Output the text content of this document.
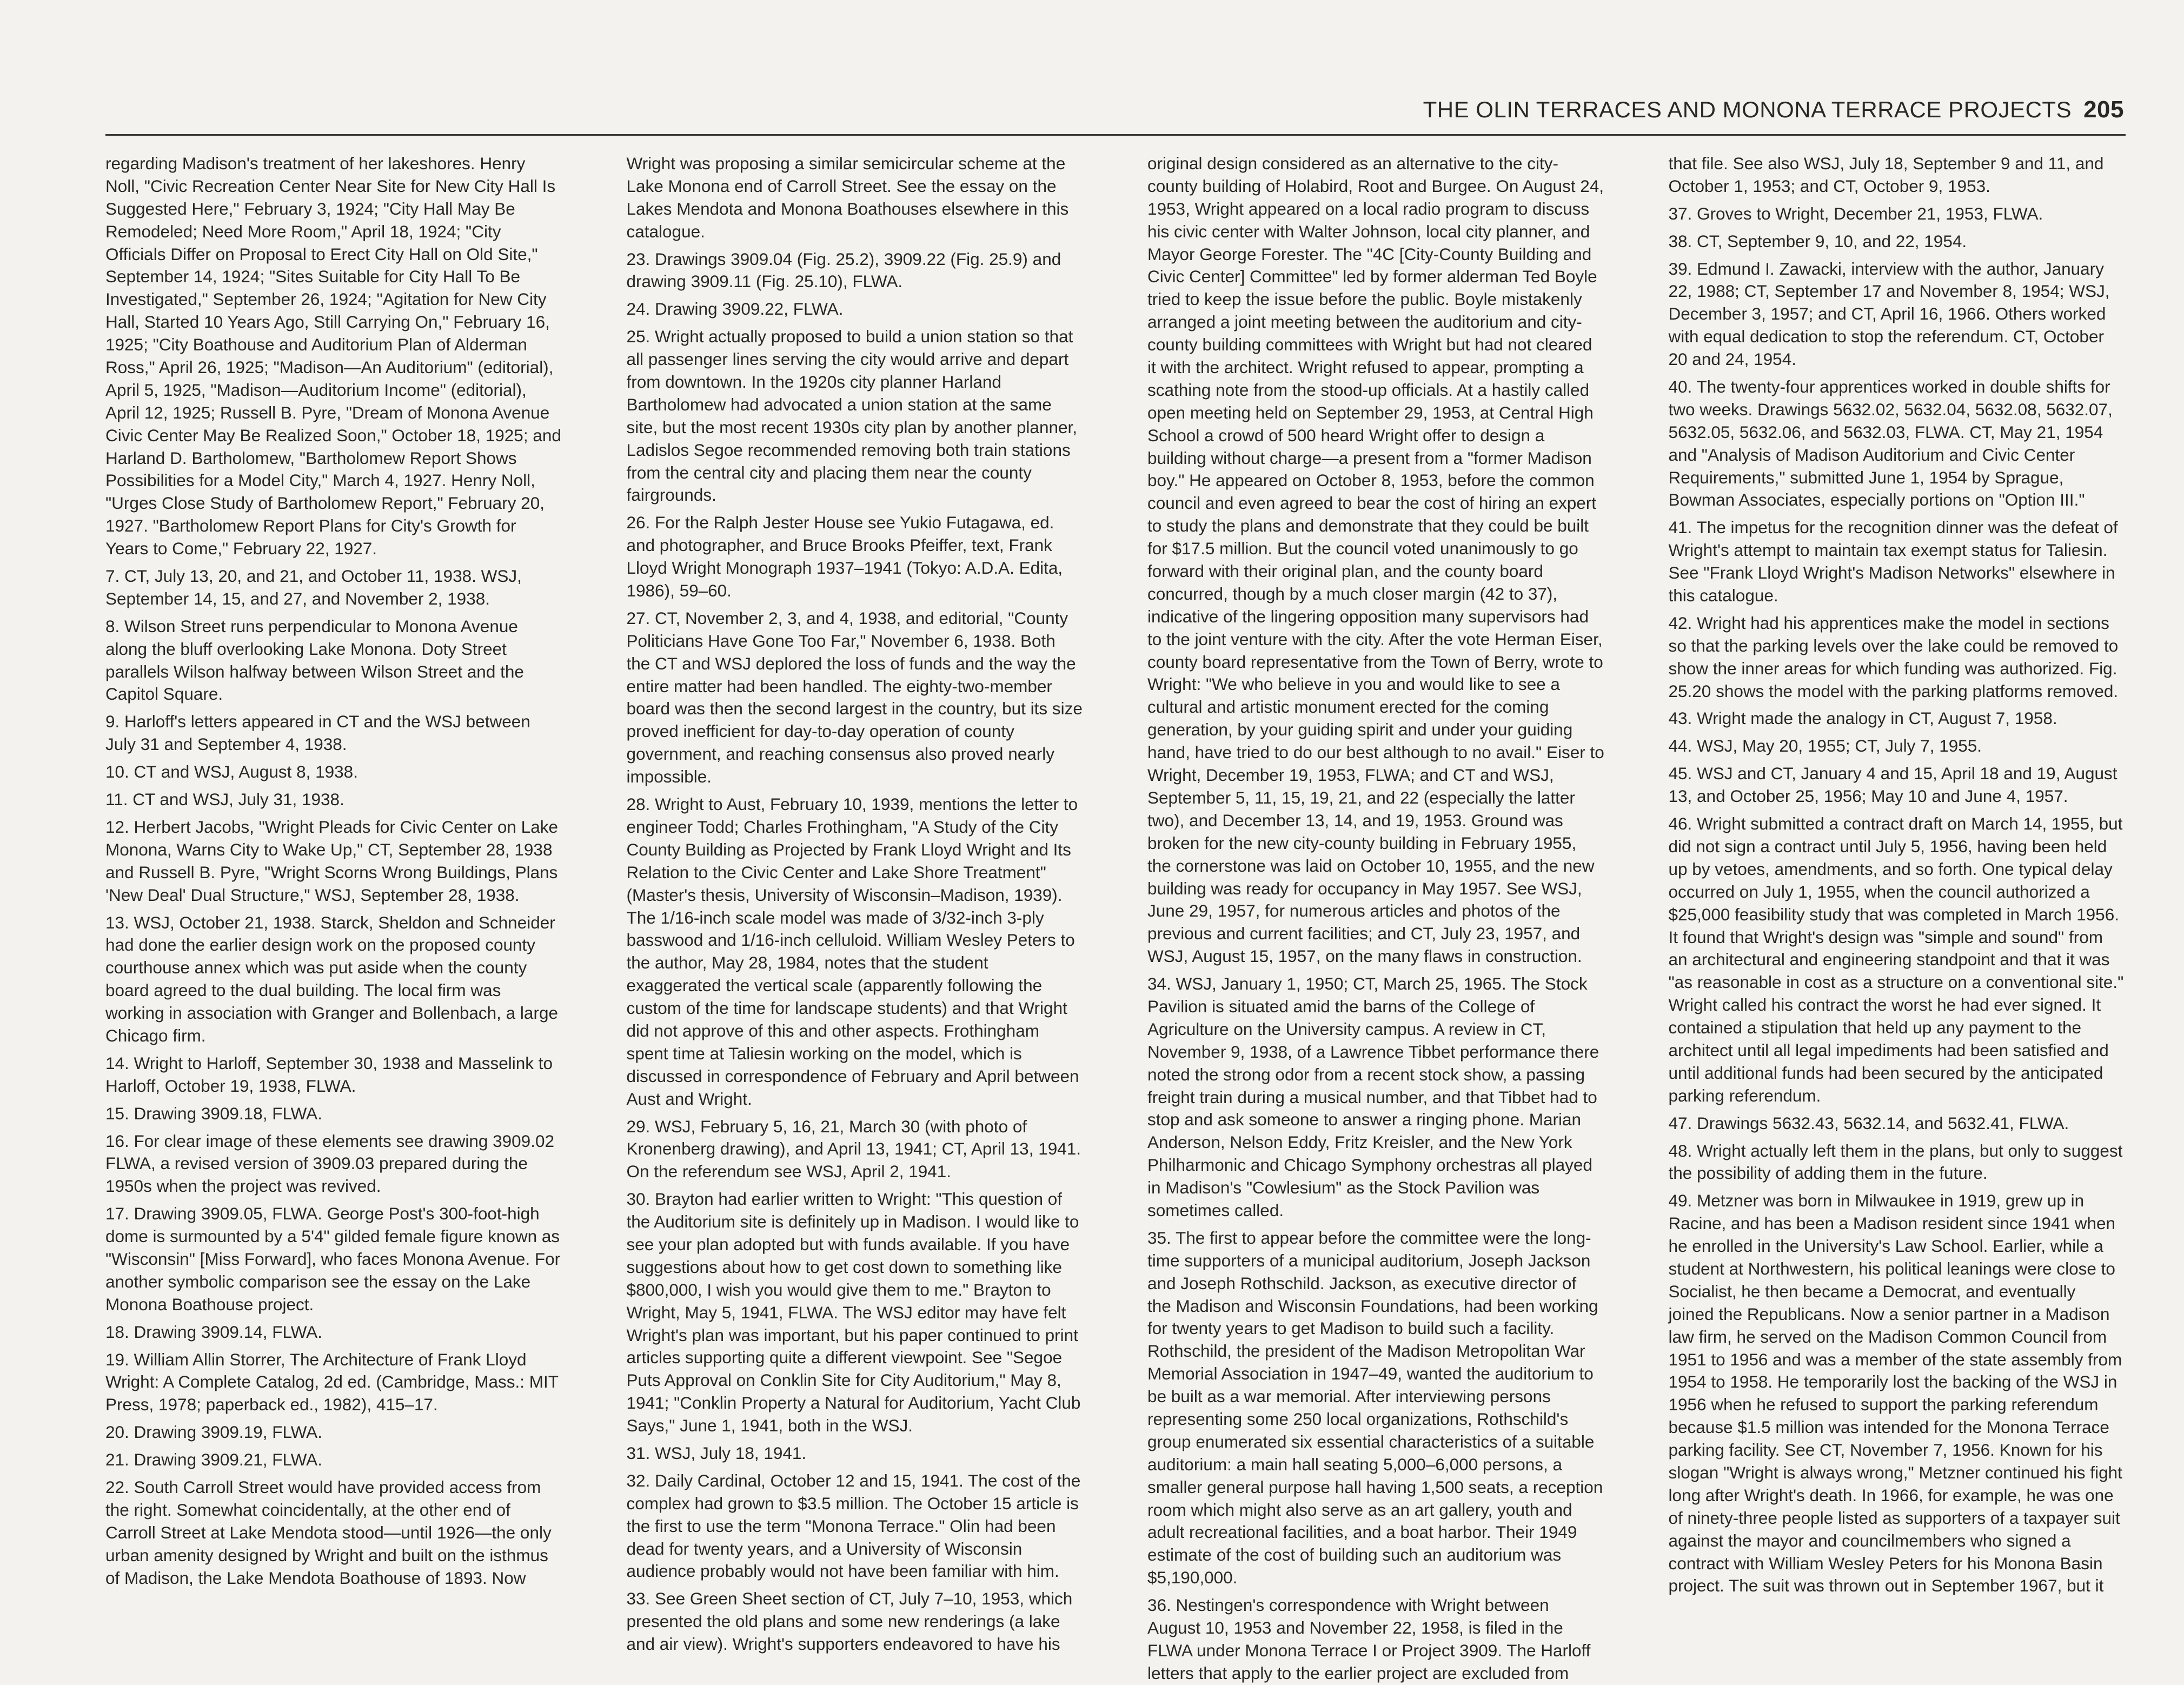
THE OLIN TERRACES AND MONONA TERRACE PROJECTS 205

regarding Madison's treatment of her lakeshores. Henry Noll, "Civic Recreation Center Near Site for New City Hall Is Suggested Here," February 3, 1924; "City Hall May Be Remodeled; Need More Room," April 18, 1924; "City Officials Differ on Proposal to Erect City Hall on Old Site," September 14, 1924; "Sites Suitable for City Hall To Be Investigated," September 26, 1924; "Agitation for New City Hall, Started 10 Years Ago, Still Carrying On," February 16, 1925; "City Boathouse and Auditorium Plan of Alderman Ross," April 26, 1925; "Madison—An Auditorium" (editorial), April 5, 1925, "Madison—Auditorium Income" (editorial), April 12, 1925; Russell B. Pyre, "Dream of Monona Avenue Civic Center May Be Realized Soon," October 18, 1925; and Harland D. Bartholomew, "Bartholomew Report Shows Possibilities for a Model City," March 4, 1927. Henry Noll, "Urges Close Study of Bartholomew Report," February 20, 1927. "Bartholomew Report Plans for City's Growth for Years to Come," February 22, 1927.

7. CT, July 13, 20, and 21, and October 11, 1938. WSJ, September 14, 15, and 27, and November 2, 1938.

8. Wilson Street runs perpendicular to Monona Avenue along the bluff overlooking Lake Monona. Doty Street parallels Wilson halfway between Wilson Street and the Capitol Square.

9. Harloff's letters appeared in CT and the WSJ between July 31 and September 4, 1938.

10. CT and WSJ, August 8, 1938.

11. CT and WSJ, July 31, 1938.

12. Herbert Jacobs, "Wright Pleads for Civic Center on Lake Monona, Warns City to Wake Up," CT, September 28, 1938 and Russell B. Pyre, "Wright Scorns Wrong Buildings, Plans 'New Deal' Dual Structure," WSJ, September 28, 1938.

13. WSJ, October 21, 1938. Starck, Sheldon and Schneider had done the earlier design work on the proposed county courthouse annex which was put aside when the county board agreed to the dual building. The local firm was working in association with Granger and Bollenbach, a large Chicago firm.

14. Wright to Harloff, September 30, 1938 and Masselink to Harloff, October 19, 1938, FLWA.

15. Drawing 3909.18, FLWA.

16. For clear image of these elements see drawing 3909.02 FLWA, a revised version of 3909.03 prepared during the 1950s when the project was revived.

17. Drawing 3909.05, FLWA. George Post's 300-foot-high dome is surmounted by a 5'4" gilded female figure known as "Wisconsin" [Miss Forward], who faces Monona Avenue. For another symbolic comparison see the essay on the Lake Monona Boathouse project.

18. Drawing 3909.14, FLWA.

19. William Allin Storrer, The Architecture of Frank Lloyd Wright: A Complete Catalog, 2d ed. (Cambridge, Mass.: MIT Press, 1978; paperback ed., 1982), 415–17.

20. Drawing 3909.19, FLWA.

21. Drawing 3909.21, FLWA.

22. South Carroll Street would have provided access from the right. Somewhat coincidentally, at the other end of Carroll Street at Lake Mendota stood—until 1926—the only urban amenity designed by Wright and built on the isthmus of Madison, the Lake Mendota Boathouse of 1893. Now

Wright was proposing a similar semicircular scheme at the Lake Monona end of Carroll Street. See the essay on the Lakes Mendota and Monona Boathouses elsewhere in this catalogue.

23. Drawings 3909.04 (Fig. 25.2), 3909.22 (Fig. 25.9) and drawing 3909.11 (Fig. 25.10), FLWA.

24. Drawing 3909.22, FLWA.

25. Wright actually proposed to build a union station so that all passenger lines serving the city would arrive and depart from downtown. In the 1920s city planner Harland Bartholomew had advocated a union station at the same site, but the most recent 1930s city plan by another planner, Ladislos Segoe recommended removing both train stations from the central city and placing them near the county fairgrounds.

26. For the Ralph Jester House see Yukio Futagawa, ed. and photographer, and Bruce Brooks Pfeiffer, text, Frank Lloyd Wright Monograph 1937–1941 (Tokyo: A.D.A. Edita, 1986), 59–60.

27. CT, November 2, 3, and 4, 1938, and editorial, "County Politicians Have Gone Too Far," November 6, 1938. Both the CT and WSJ deplored the loss of funds and the way the entire matter had been handled. The eighty-two-member board was then the second largest in the country, but its size proved inefficient for day-to-day operation of county government, and reaching consensus also proved nearly impossible.

28. Wright to Aust, February 10, 1939, mentions the letter to engineer Todd; Charles Frothingham, "A Study of the City County Building as Projected by Frank Lloyd Wright and Its Relation to the Civic Center and Lake Shore Treatment" (Master's thesis, University of Wisconsin–Madison, 1939). The 1/16-inch scale model was made of 3/32-inch 3-ply basswood and 1/16-inch celluloid. William Wesley Peters to the author, May 28, 1984, notes that the student exaggerated the vertical scale (apparently following the custom of the time for landscape students) and that Wright did not approve of this and other aspects. Frothingham spent time at Taliesin working on the model, which is discussed in correspondence of February and April between Aust and Wright.

29. WSJ, February 5, 16, 21, March 30 (with photo of Kronenberg drawing), and April 13, 1941; CT, April 13, 1941. On the referendum see WSJ, April 2, 1941.

30. Brayton had earlier written to Wright: "This question of the Auditorium site is definitely up in Madison. I would like to see your plan adopted but with funds available. If you have suggestions about how to get cost down to something like $800,000, I wish you would give them to me." Brayton to Wright, May 5, 1941, FLWA. The WSJ editor may have felt Wright's plan was important, but his paper continued to print articles supporting quite a different viewpoint. See "Segoe Puts Approval on Conklin Site for City Auditorium," May 8, 1941; "Conklin Property a Natural for Auditorium, Yacht Club Says," June 1, 1941, both in the WSJ.

31. WSJ, July 18, 1941.

32. Daily Cardinal, October 12 and 15, 1941. The cost of the complex had grown to $3.5 million. The October 15 article is the first to use the term "Monona Terrace." Olin had been dead for twenty years, and a University of Wisconsin audience probably would not have been familiar with him.

33. See Green Sheet section of CT, July 7–10, 1953, which presented the old plans and some new renderings (a lake and air view). Wright's supporters endeavored to have his

original design considered as an alternative to the city-county building of Holabird, Root and Burgee. On August 24, 1953, Wright appeared on a local radio program to discuss his civic center with Walter Johnson, local city planner, and Mayor George Forester. The "4C [City-County Building and Civic Center] Committee" led by former alderman Ted Boyle tried to keep the issue before the public. Boyle mistakenly arranged a joint meeting between the auditorium and city-county building committees with Wright but had not cleared it with the architect. Wright refused to appear, prompting a scathing note from the stood-up officials. At a hastily called open meeting held on September 29, 1953, at Central High School a crowd of 500 heard Wright offer to design a building without charge—a present from a "former Madison boy." He appeared on October 8, 1953, before the common council and even agreed to bear the cost of hiring an expert to study the plans and demonstrate that they could be built for $17.5 million. But the council voted unanimously to go forward with their original plan, and the county board concurred, though by a much closer margin (42 to 37), indicative of the lingering opposition many supervisors had to the joint venture with the city. After the vote Herman Eiser, county board representative from the Town of Berry, wrote to Wright: "We who believe in you and would like to see a cultural and artistic monument erected for the coming generation, by your guiding spirit and under your guiding hand, have tried to do our best although to no avail." Eiser to Wright, December 19, 1953, FLWA; and CT and WSJ, September 5, 11, 15, 19, 21, and 22 (especially the latter two), and December 13, 14, and 19, 1953. Ground was broken for the new city-county building in February 1955, the cornerstone was laid on October 10, 1955, and the new building was ready for occupancy in May 1957. See WSJ, June 29, 1957, for numerous articles and photos of the previous and current facilities; and CT, July 23, 1957, and WSJ, August 15, 1957, on the many flaws in construction.

34. WSJ, January 1, 1950; CT, March 25, 1965. The Stock Pavilion is situated amid the barns of the College of Agriculture on the University campus. A review in CT, November 9, 1938, of a Lawrence Tibbet performance there noted the strong odor from a recent stock show, a passing freight train during a musical number, and that Tibbet had to stop and ask someone to answer a ringing phone. Marian Anderson, Nelson Eddy, Fritz Kreisler, and the New York Philharmonic and Chicago Symphony orchestras all played in Madison's "Cowlesium" as the Stock Pavilion was sometimes called.

35. The first to appear before the committee were the long-time supporters of a municipal auditorium, Joseph Jackson and Joseph Rothschild. Jackson, as executive director of the Madison and Wisconsin Foundations, had been working for twenty years to get Madison to build such a facility. Rothschild, the president of the Madison Metropolitan War Memorial Association in 1947–49, wanted the auditorium to be built as a war memorial. After interviewing persons representing some 250 local organizations, Rothschild's group enumerated six essential characteristics of a suitable auditorium: a main hall seating 5,000–6,000 persons, a smaller general purpose hall having 1,500 seats, a reception room which might also serve as an art gallery, youth and adult recreational facilities, and a boat harbor. Their 1949 estimate of the cost of building such an auditorium was $5,190,000.

36. Nestingen's correspondence with Wright between August 10, 1953 and November 22, 1958, is filed in the FLWA under Monona Terrace I or Project 3909. The Harloff letters that apply to the earlier project are excluded from

that file. See also WSJ, July 18, September 9 and 11, and October 1, 1953; and CT, October 9, 1953.

37. Groves to Wright, December 21, 1953, FLWA.

38. CT, September 9, 10, and 22, 1954.

39. Edmund I. Zawacki, interview with the author, January 22, 1988; CT, September 17 and November 8, 1954; WSJ, December 3, 1957; and CT, April 16, 1966. Others worked with equal dedication to stop the referendum. CT, October 20 and 24, 1954.

40. The twenty-four apprentices worked in double shifts for two weeks. Drawings 5632.02, 5632.04, 5632.08, 5632.07, 5632.05, 5632.06, and 5632.03, FLWA. CT, May 21, 1954 and "Analysis of Madison Auditorium and Civic Center Requirements," submitted June 1, 1954 by Sprague, Bowman Associates, especially portions on "Option III."

41. The impetus for the recognition dinner was the defeat of Wright's attempt to maintain tax exempt status for Taliesin. See "Frank Lloyd Wright's Madison Networks" elsewhere in this catalogue.

42. Wright had his apprentices make the model in sections so that the parking levels over the lake could be removed to show the inner areas for which funding was authorized. Fig. 25.20 shows the model with the parking platforms removed.

43. Wright made the analogy in CT, August 7, 1958.

44. WSJ, May 20, 1955; CT, July 7, 1955.

45. WSJ and CT, January 4 and 15, April 18 and 19, August 13, and October 25, 1956; May 10 and June 4, 1957.

46. Wright submitted a contract draft on March 14, 1955, but did not sign a contract until July 5, 1956, having been held up by vetoes, amendments, and so forth. One typical delay occurred on July 1, 1955, when the council authorized a $25,000 feasibility study that was completed in March 1956. It found that Wright's design was "simple and sound" from an architectural and engineering standpoint and that it was "as reasonable in cost as a structure on a conventional site." Wright called his contract the worst he had ever signed. It contained a stipulation that held up any payment to the architect until all legal impediments had been satisfied and until additional funds had been secured by the anticipated parking referendum.

47. Drawings 5632.43, 5632.14, and 5632.41, FLWA.

48. Wright actually left them in the plans, but only to suggest the possibility of adding them in the future.

49. Metzner was born in Milwaukee in 1919, grew up in Racine, and has been a Madison resident since 1941 when he enrolled in the University's Law School. Earlier, while a student at Northwestern, his political leanings were close to Socialist, he then became a Democrat, and eventually joined the Republicans. Now a senior partner in a Madison law firm, he served on the Madison Common Council from 1951 to 1956 and was a member of the state assembly from 1954 to 1958. He temporarily lost the backing of the WSJ in 1956 when he refused to support the parking referendum because $1.5 million was intended for the Monona Terrace parking facility. See CT, November 7, 1956. Known for his slogan "Wright is always wrong," Metzner continued his fight long after Wright's death. In 1966, for example, he was one of ninety-three people listed as supporters of a taxpayer suit against the mayor and councilmembers who signed a contract with William Wesley Peters for his Monona Basin project. The suit was thrown out in September 1967, but it
